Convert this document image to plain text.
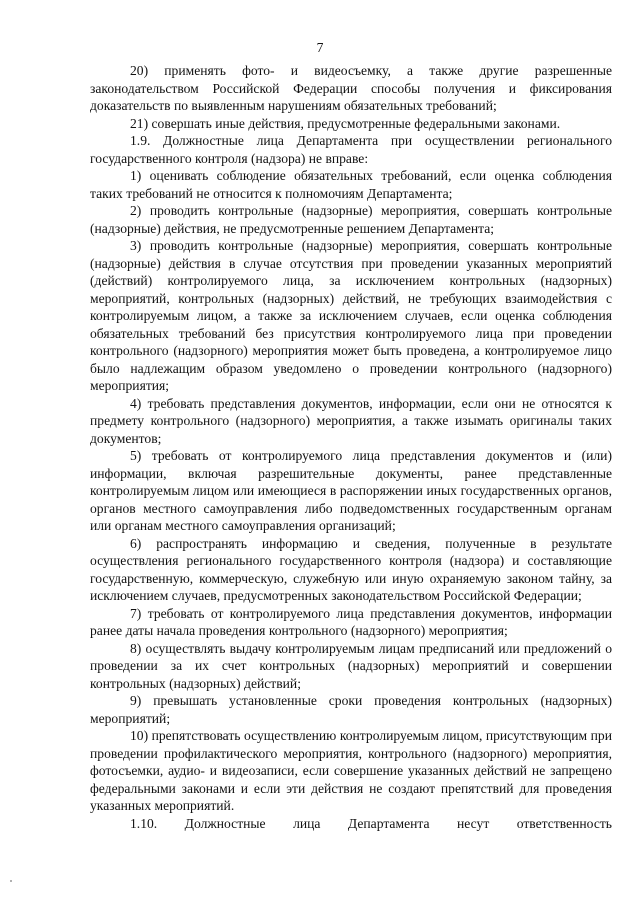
7

20) применять фото- и видеосъемку, а также другие разрешенные законодательством Российской Федерации способы получения и фиксирования доказательств по выявленным нарушениям обязательных требований;

21) совершать иные действия, предусмотренные федеральными законами.

1.9. Должностные лица Департамента при осуществлении регионального государственного контроля (надзора) не вправе:

1) оценивать соблюдение обязательных требований, если оценка соблюдения таких требований не относится к полномочиям Департамента;

2) проводить контрольные (надзорные) мероприятия, совершать контрольные (надзорные) действия, не предусмотренные решением Департамента;

3) проводить контрольные (надзорные) мероприятия, совершать контрольные (надзорные) действия в случае отсутствия при проведении указанных мероприятий (действий) контролируемого лица, за исключением контрольных (надзорных) мероприятий, контрольных (надзорных) действий, не требующих взаимодействия с контролируемым лицом, а также за исключением случаев, если оценка соблюдения обязательных требований без присутствия контролируемого лица при проведении контрольного (надзорного) мероприятия может быть проведена, а контролируемое лицо было надлежащим образом уведомлено о проведении контрольного (надзорного) мероприятия;

4) требовать представления документов, информации, если они не относятся к предмету контрольного (надзорного) мероприятия, а также изымать оригиналы таких документов;

5) требовать от контролируемого лица представления документов и (или) информации, включая разрешительные документы, ранее представленные контролируемым лицом или имеющиеся в распоряжении иных государственных органов, органов местного самоуправления либо подведомственных государственным органам или органам местного самоуправления организаций;

6) распространять информацию и сведения, полученные в результате осуществления регионального государственного контроля (надзора) и составляющие государственную, коммерческую, служебную или иную охраняемую законом тайну, за исключением случаев, предусмотренных законодательством Российской Федерации;

7) требовать от контролируемого лица представления документов, информации ранее даты начала проведения контрольного (надзорного) мероприятия;

8) осуществлять выдачу контролируемым лицам предписаний или предложений о проведении за их счет контрольных (надзорных) мероприятий и совершении контрольных (надзорных) действий;

9) превышать установленные сроки проведения контрольных (надзорных) мероприятий;

10) препятствовать осуществлению контролируемым лицом, присутствующим при проведении профилактического мероприятия, контрольного (надзорного) мероприятия, фотосъемки, аудио- и видеозаписи, если совершение указанных действий не запрещено федеральными законами и если эти действия не создают препятствий для проведения указанных мероприятий.

1.10. Должностные лица Департамента несут ответственность
